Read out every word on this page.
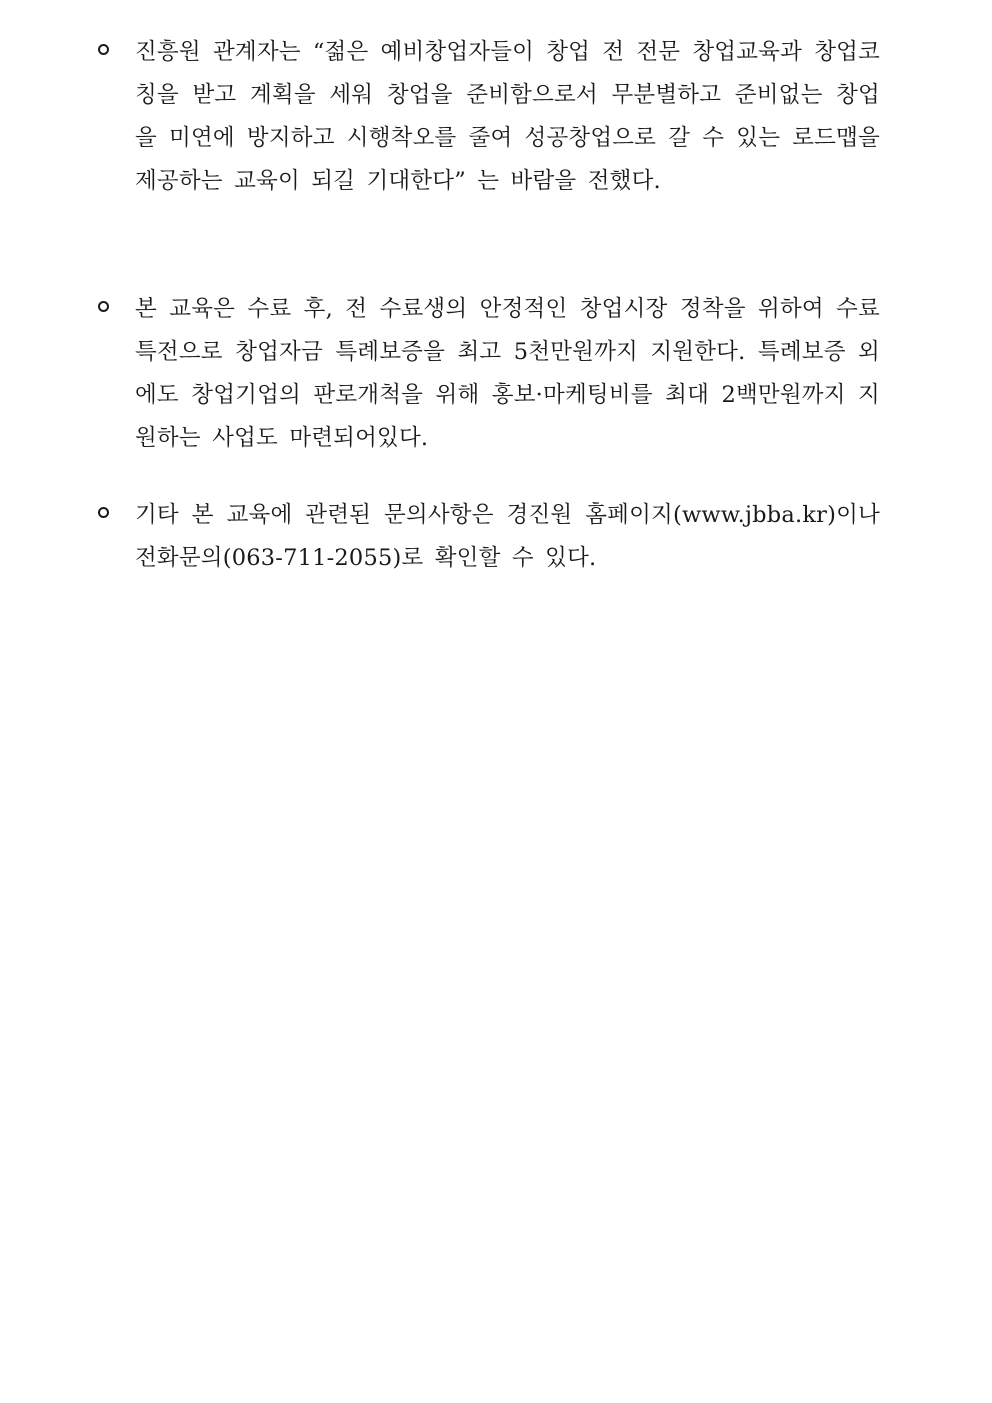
진흥원 관계자는 “젊은 예비창업자들이 창업 전 전문 창업교육과 창업코칭을 받고 계획을 세워 창업을 준비함으로서 무분별하고 준비없는 창업을 미연에 방지하고 시행착오를 줄여 성공창업으로 갈 수 있는 로드맵을 제공하는 교육이 되길 기대한다” 는 바람을 전했다.
본 교육은 수료 후, 전 수료생의 안정적인 창업시장 정착을 위하여 수료특전으로 창업자금 특례보증을 최고 5천만원까지 지원한다. 특례보증 외에도 창업기업의 판로개척을 위해 홍보·마케팅비를 최대 2백만원까지 지원하는 사업도 마련되어있다.
기타 본 교육에 관련된 문의사항은 경진원 홈페이지(www.jbba.kr)이나 전화문의(063-711-2055)로 확인할 수 있다.
